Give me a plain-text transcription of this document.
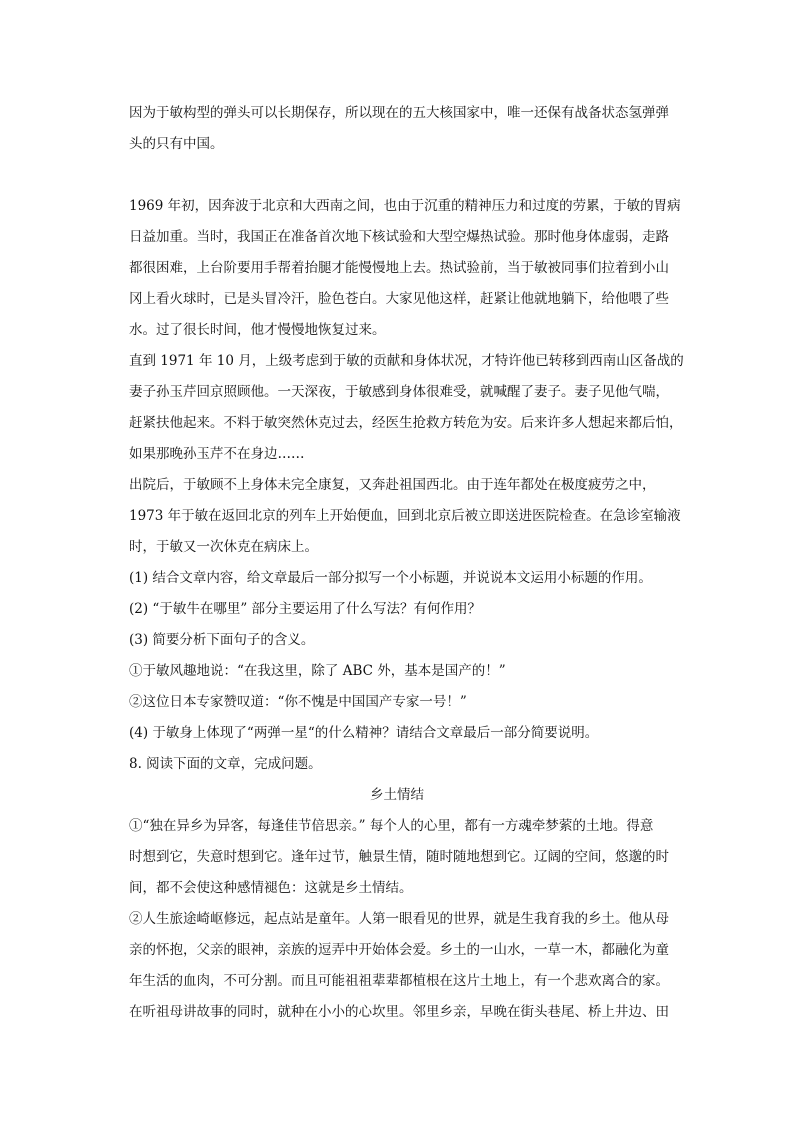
因为于敏构型的弹头可以长期保存，所以现在的五大核国家中，唯一还保有战备状态氢弹弹
头的只有中国。
1969 年初，因奔波于北京和大西南之间，也由于沉重的精神压力和过度的劳累，于敏的胃病
日益加重。当时，我国正在准备首次地下核试验和大型空爆热试验。那时他身体虚弱，走路
都很困难，上台阶要用手帮着抬腿才能慢慢地上去。热试验前，当于敏被同事们拉着到小山
冈上看火球时，已是头冒冷汗，脸色苍白。大家见他这样，赶紧让他就地躺下，给他喂了些
水。过了很长时间，他才慢慢地恢复过来。
直到 1971 年 10 月，上级考虑到于敏的贡献和身体状况，才特许他已转移到西南山区备战的
妻子孙玉芹回京照顾他。一天深夜，于敏感到身体很难受，就喊醒了妻子。妻子见他气喘，
赶紧扶他起来。不料于敏突然休克过去，经医生抢救方转危为安。后来许多人想起来都后怕，
如果那晚孙玉芹不在身边……
出院后，于敏顾不上身体未完全康复，又奔赴祖国西北。由于连年都处在极度疲劳之中，
1973 年于敏在返回北京的列车上开始便血，回到北京后被立即送进医院检查。在急诊室输液
时，于敏又一次休克在病床上。
(1) 结合文章内容，给文章最后一部分拟写一个小标题，并说说本文运用小标题的作用。
(2) “于敏牛在哪里” 部分主要运用了什么写法？有何作用？
(3) 简要分析下面句子的含义。
①于敏风趣地说：“在我这里，除了 ABC 外，基本是国产的！”
②这位日本专家赞叹道：“你不愧是中国国产专家一号！”
(4) 于敏身上体现了“两弹一星“的什么精神？请结合文章最后一部分简要说明。
8. 阅读下面的文章，完成问题。
乡土情结
①“独在异乡为异客，每逢佳节倍思亲。” 每个人的心里，都有一方魂牵梦萦的土地。得意
时想到它，失意时想到它。逢年过节，触景生情，随时随地想到它。辽阔的空间，悠邈的时
间，都不会使这种感情褪色：这就是乡土情结。
②人生旅途崎岖修远，起点站是童年。人第一眼看见的世界，就是生我育我的乡土。他从母
亲的怀抱，父亲的眼神，亲族的逗弄中开始体会爱。乡土的一山水，一草一木，都融化为童
年生活的血肉，不可分割。而且可能祖祖辈辈都植根在这片土地上，有一个悲欢离合的家。
在听祖母讲故事的同时，就种在小小的心坎里。邻里乡亲，早晚在街头巷尾、桥上井边、田
